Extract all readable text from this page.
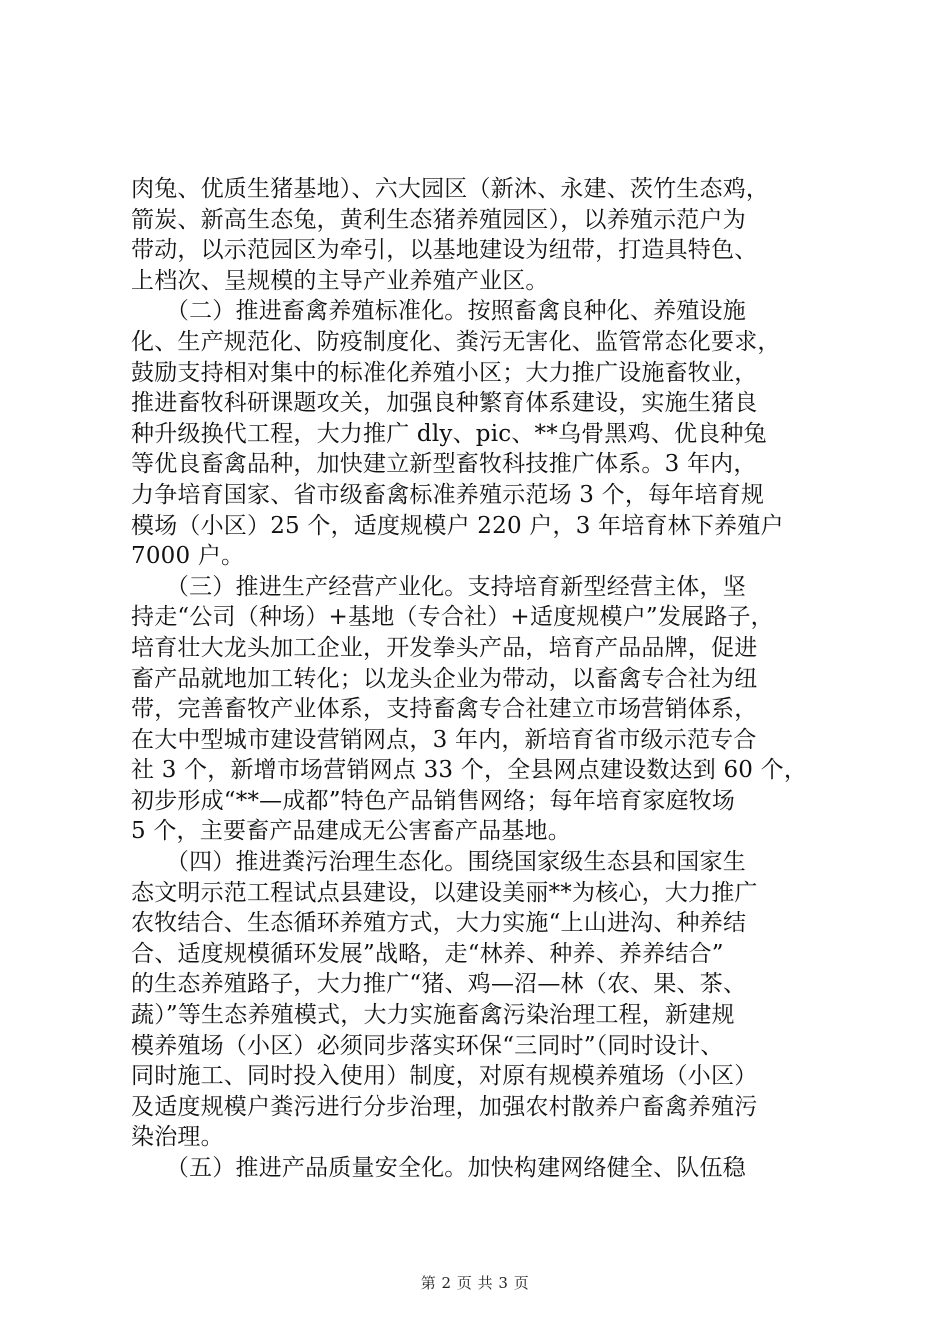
肉兔、优质生猪基地）、六大园区（新沐、永建、茨竹生态鸡，
箭炭、新高生态兔，黄利生态猪养殖园区），以养殖示范户为
带动，以示范园区为牵引，以基地建设为纽带，打造具特色、
上档次、呈规模的主导产业养殖产业区。
　　（二）推进畜禽养殖标准化。按照畜禽良种化、养殖设施
化、生产规范化、防疫制度化、粪污无害化、监管常态化要求，
鼓励支持相对集中的标准化养殖小区；大力推广设施畜牧业，
推进畜牧科研课题攻关，加强良种繁育体系建设，实施生猪良
种升级换代工程，大力推广 dly、pic、**乌骨黑鸡、优良种兔
等优良畜禽品种，加快建立新型畜牧科技推广体系。3 年内，
力争培育国家、省市级畜禽标准养殖示范场 3 个，每年培育规
模场（小区）25 个，适度规模户 220 户，3 年培育林下养殖户
7000 户。
　　（三）推进生产经营产业化。支持培育新型经营主体，坚
持走“公司（种场）+基地（专合社）+适度规模户”发展路子，
培育壮大龙头加工企业，开发拳头产品，培育产品品牌，促进
畜产品就地加工转化；以龙头企业为带动，以畜禽专合社为纽
带，完善畜牧产业体系，支持畜禽专合社建立市场营销体系，
在大中型城市建设营销网点，3 年内，新培育省市级示范专合
社 3 个，新增市场营销网点 33 个，全县网点建设数达到 60 个，
初步形成“**—成都”特色产品销售网络；每年培育家庭牧场
5 个，主要畜产品建成无公害畜产品基地。
　　（四）推进粪污治理生态化。围绕国家级生态县和国家生
态文明示范工程试点县建设，以建设美丽**为核心，大力推广
农牧结合、生态循环养殖方式，大力实施“上山进沟、种养结
合、适度规模循环发展”战略，走“林养、种养、养养结合”
的生态养殖路子，大力推广“猪、鸡—沼—林（农、果、茶、
蔬）”等生态养殖模式，大力实施畜禽污染治理工程，新建规
模养殖场（小区）必须同步落实环保“三同时”（同时设计、
同时施工、同时投入使用）制度，对原有规模养殖场（小区）
及适度规模户粪污进行分步治理，加强农村散养户畜禽养殖污
染治理。
　　（五）推进产品质量安全化。加快构建网络健全、队伍稳
第 2 页 共 3 页
